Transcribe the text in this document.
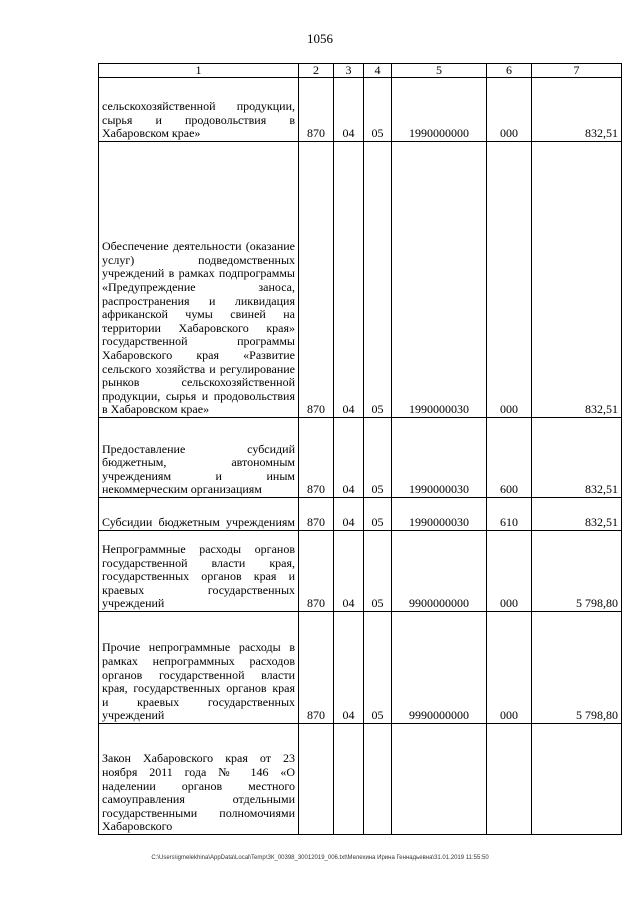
1056
1	2	3	4	5	6	7
сельскохозяйственной продукции, сырья и продовольствия в Хабаровском крае»	870	04	05	1990000000	000	832,51
Обеспечение деятельности (оказание услуг) подведомственных учреждений в рамках подпрограммы «Предупреждение заноса, распространения и ликвидация африканской чумы свиней на территории Хабаровского края» государственной программы Хабаровского края «Развитие сельского хозяйства и регулирование рынков сельскохозяйственной продукции, сырья и продовольствия в Хабаровском крае»	870	04	05	1990000030	000	832,51
Предоставление субсидий бюджетным, автономным учреждениям и иным некоммерческим организациям	870	04	05	1990000030	600	832,51
Субсидии бюджетным учреждениям	870	04	05	1990000030	610	832,51
Непрограммные расходы органов государственной власти края, государственных органов края и краевых государственных учреждений	870	04	05	9900000000	000	5 798,80
Прочие непрограммные расходы в рамках непрограммных расходов органов государственной власти края, государственных органов края и краевых государственных учреждений	870	04	05	9990000000	000	5 798,80
Закон Хабаровского края от 23 ноября 2011 года № 146 «О наделении органов местного самоуправления отдельными государственными полномочиями Хабаровского						
C:\Users\igmelekhina\AppData\Local\Temp\ЗК_00398_30012019_006.txt\Мелехина Ирина Геннадьевна\31.01.2019 11:55:50
